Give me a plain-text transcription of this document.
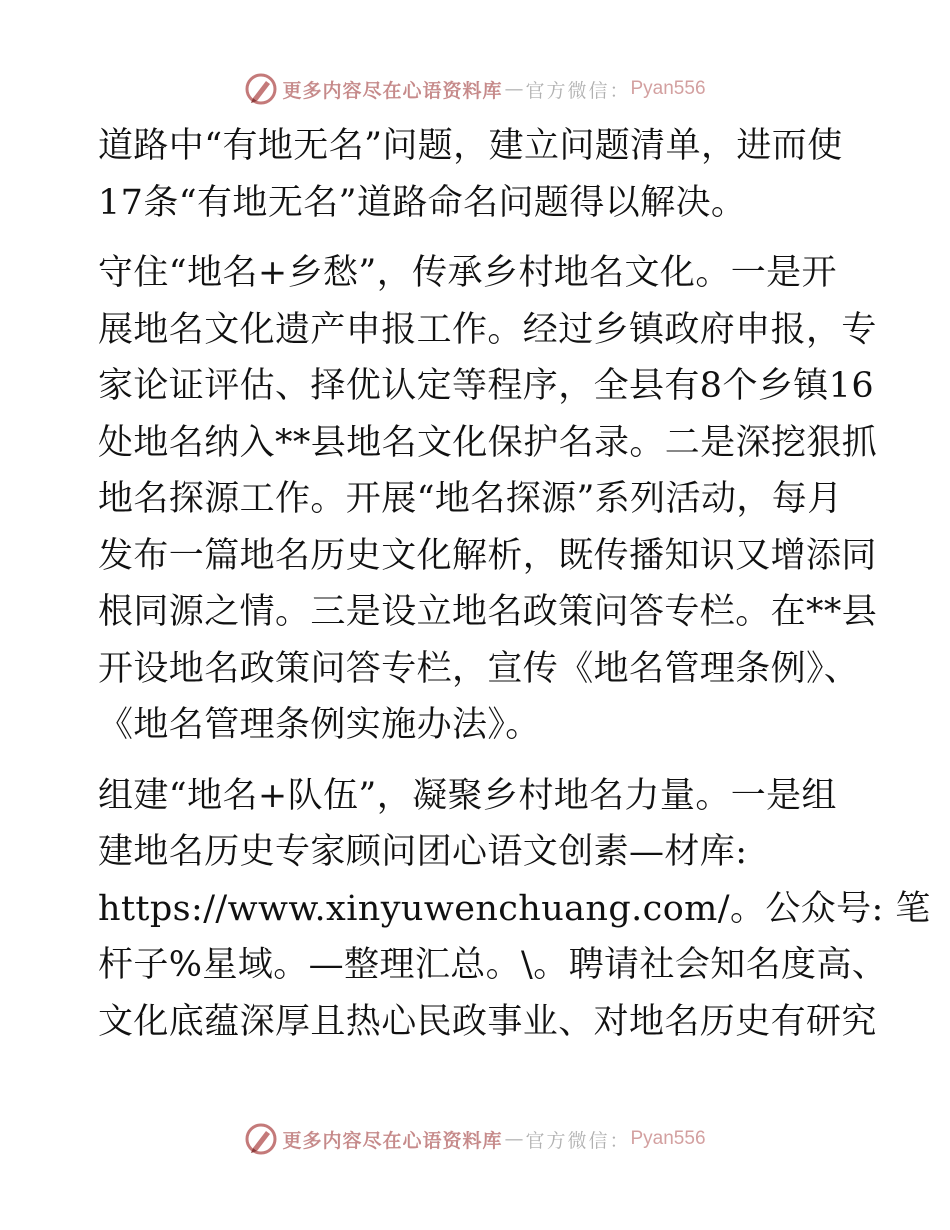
更多内容尽在心语资料库 — 官方微信： Pyan556
道路中“有地无名”问题，建立问题清单，进而使
17条“有地无名”道路命名问题得以解决。
守住“地名+乡愁”，传承乡村地名文化。一是开
展地名文化遗产申报工作。经过乡镇政府申报，专
家论证评估、择优认定等程序，全县有8个乡镇16
处地名纳入**县地名文化保护名录。二是深挖狠抓
地名探源工作。开展“地名探源”系列活动，每月
发布一篇地名历史文化解析，既传播知识又增添同
根同源之情。三是设立地名政策问答专栏。在**县
开设地名政策问答专栏，宣传《地名管理条例》、
《地名管理条例实施办法》。
组建“地名+队伍”，凝聚乡村地名力量。一是组
建地名历史专家顾问团心语文创素—材库:
https://www.xinyuwenchuang.com/。公众号: 笔
杆子%星域。—整理汇总。\。聘请社会知名度高、
文化底蕴深厚且热心民政事业、对地名历史有研究
更多内容尽在心语资料库 — 官方微信： Pyan556
